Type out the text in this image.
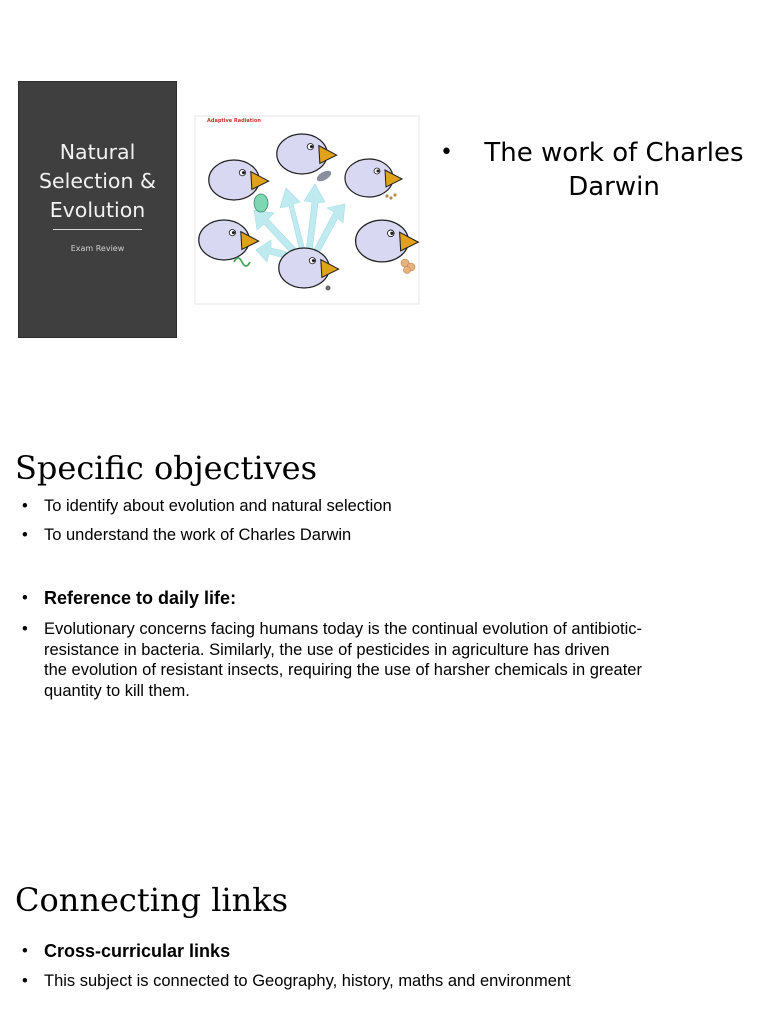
Natural
Selection &
Evolution
Exam Review
Adaptive Radiation
•	The work of Charles
Darwin
Specific objectives
• To identify about evolution and natural selection
• To understand the work of Charles Darwin
• Reference to daily life:
• Evolutionary concerns facing humans today is the continual evolution of antibiotic-
resistance in bacteria. Similarly, the use of pesticides in agriculture has driven
the evolution of resistant insects, requiring the use of harsher chemicals in greater
quantity to kill them.
Connecting links
• Cross-curricular links
• This subject is connected to Geography, history, maths and environment
